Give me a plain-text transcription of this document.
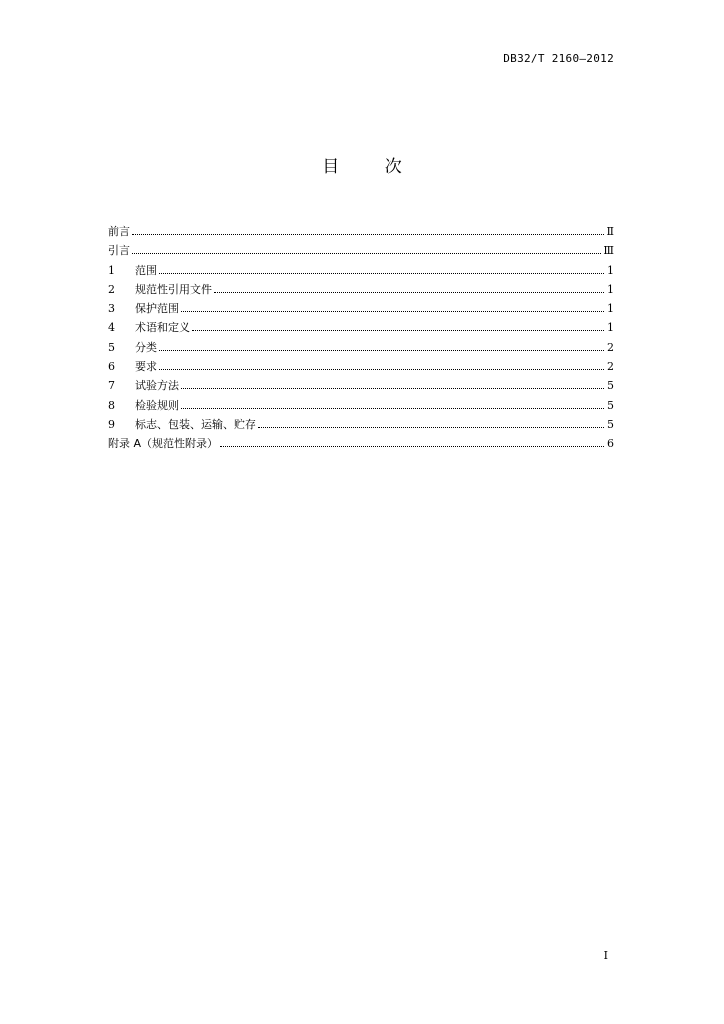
DB32/T 2160—2012
目 次
前言	Ⅱ
引言	Ⅲ
1	范围	1
2	规范性引用文件	1
3	保护范围	1
4	术语和定义	1
5	分类	2
6	要求	2
7	试验方法	5
8	检验规则	5
9	标志、包装、运输、贮存	5
附录 A（规范性附录）	6
I
